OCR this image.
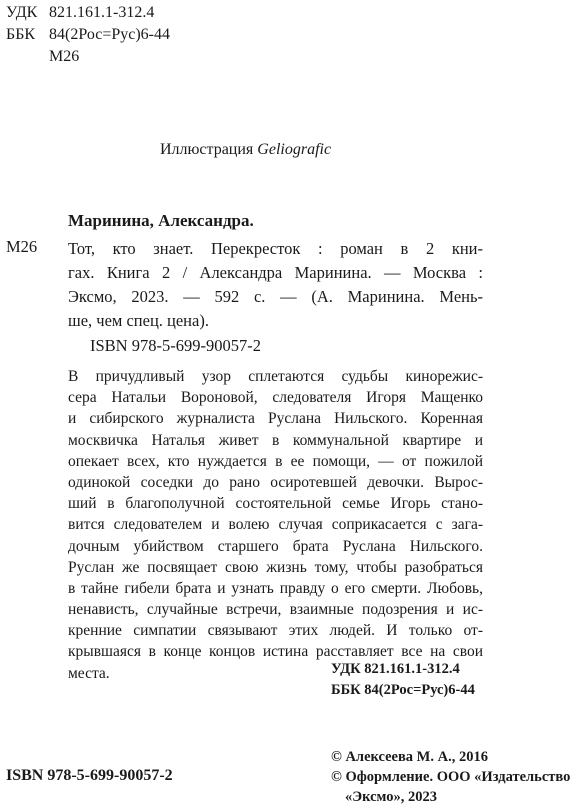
УДК 821.161.1-312.4
ББК 84(2Рос=Рус)6-44
М26
Иллюстрация Geliografic
Маринина, Александра.
М26 Тот, кто знает. Перекресток : роман в 2 кни-
гах. Книга 2 / Александра Маринина. — Москва :
Эксмо, 2023. — 592 с. — (А. Маринина. Мень-
ше, чем спец. цена).
ISBN 978-5-699-90057-2
В причудливый узор сплетаются судьбы кинорежис-
сера Натальи Вороновой, следователя Игоря Мащенко
и сибирского журналиста Руслана Нильского. Коренная
москвичка Наталья живет в коммунальной квартире и
опекает всех, кто нуждается в ее помощи, — от пожилой
одинокой соседки до рано осиротевшей девочки. Вырос-
ший в благополучной состоятельной семье Игорь стано-
вится следователем и волею случая соприкасается с зага-
дочным убийством старшего брата Руслана Нильского.
Руслан же посвящает свою жизнь тому, чтобы разобраться
в тайне гибели брата и узнать правду о его смерти. Любовь,
ненависть, случайные встречи, взаимные подозрения и ис-
кренние симпатии связывают этих людей. И только от-
крывшаяся в конце концов истина расставляет все на свои
места.	УДК 821.161.1-312.4
ББК 84(2Рос=Рус)6-44
© Алексеева М. А., 2016
© Оформление. ООО «Издательство
«Эксмо», 2023
ISBN 978-5-699-90057-2
